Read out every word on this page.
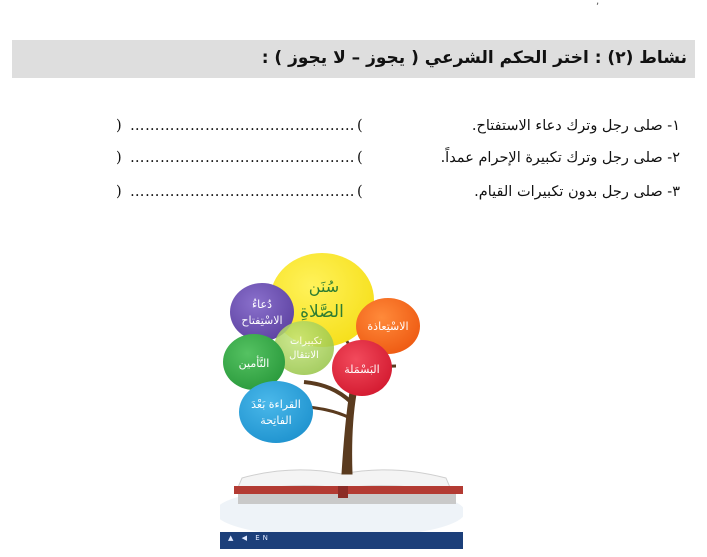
,
نشاط (٢) : اختر الحكم الشرعي ( يجوز – لا يجوز ) :
١- صلى رجل وترك دعاء الاستفتاح.
(
………………………………………
)
٢- صلى رجل وترك تكبيرة الإحرام عمداً.
(
………………………………………
)
٣- صلى رجل بدون تكبيرات القيام.
(
………………………………………
)
سُنَن
الصَّلاةِ
دُعاءُ
الاسْتِفتاح	الاسْتِعاذة
تكبيرات
الانتقال
التَّأمين	البَسْمَلة
القراءة بَعْدَ
الفاتِحة
▲ ◀ EN
